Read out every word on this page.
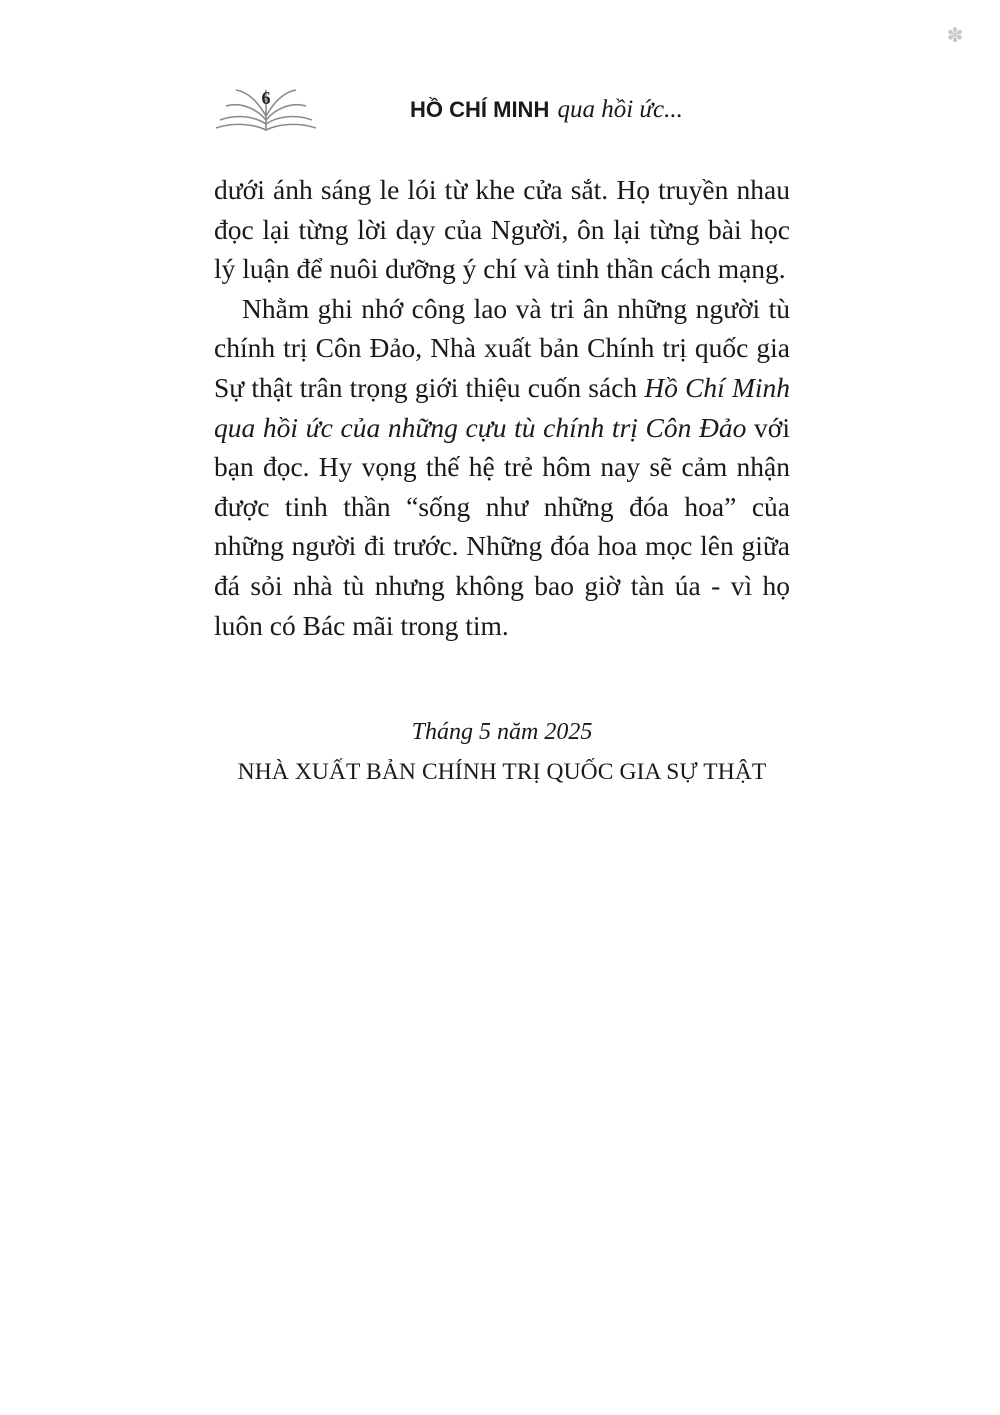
✽
6	HỒ CHÍ MINH qua hồi ức...

dưới ánh sáng le lói từ khe cửa sắt. Họ truyền nhau đọc lại từng lời dạy của Người, ôn lại từng bài học lý luận để nuôi dưỡng ý chí và tinh thần cách mạng.

Nhằm ghi nhớ công lao và tri ân những người tù chính trị Côn Đảo, Nhà xuất bản Chính trị quốc gia Sự thật trân trọng giới thiệu cuốn sách Hồ Chí Minh qua hồi ức của những cựu tù chính trị Côn Đảo với bạn đọc. Hy vọng thế hệ trẻ hôm nay sẽ cảm nhận được tinh thần “sống như những đóa hoa” của những người đi trước. Những đóa hoa mọc lên giữa đá sỏi nhà tù nhưng không bao giờ tàn úa - vì họ luôn có Bác mãi trong tim.

Tháng 5 năm 2025
NHÀ XUẤT BẢN CHÍNH TRỊ QUỐC GIA SỰ THẬT
